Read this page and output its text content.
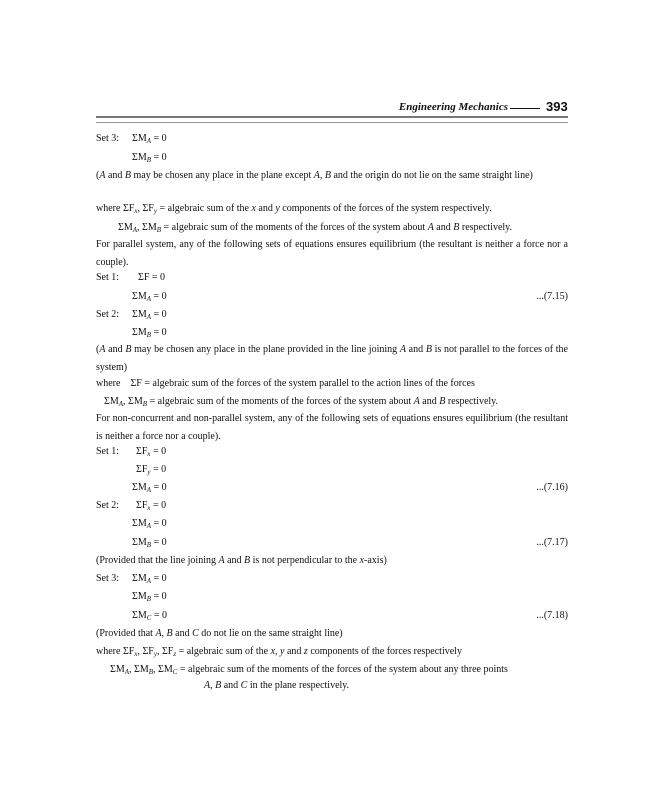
Engineering Mechanics	393
Set 3: $\Sigma M_A = 0$
$\Sigma M_B = 0$
(A and B may be chosen any place in the plane except A, B and the origin do not lie on the same straight line)
where $\Sigma F_x$, $\Sigma F_y$ = algebraic sum of the x and y components of the forces of the system respectively.
$\Sigma M_A$, $\Sigma M_B$ = algebraic sum of the moments of the forces of the system about A and B respectively.
For parallel system, any of the following sets of equations ensures equilibrium (the resultant is neither a force nor a couple).
Set 1: ΣF = 0
$\Sigma M_A = 0$	...(7.15)
Set 2: $\Sigma M_A = 0$
$\Sigma M_B = 0$
(A and B may be chosen any place in the plane provided in the line joining A and B is not parallel to the forces of the system)
where    ΣF = algebraic sum of the forces of the system parallel to the action lines of the forces
$\Sigma M_A$, $\Sigma M_B$ = algebraic sum of the moments of the forces of the system about A and B respectively.
For non-concurrent and non-parallel system, any of the following sets of equations ensures equilibrium (the resultant is neither a force nor a couple).
Set 1: $\Sigma F_x = 0$
$\Sigma F_y = 0$
$\Sigma M_A = 0$	...(7.16)
Set 2: $\Sigma F_x = 0$
$\Sigma M_A = 0$
$\Sigma M_B = 0$	...(7.17)
(Provided that the line joining A and B is not perpendicular to the x-axis)
Set 3: $\Sigma M_A = 0$
$\Sigma M_B = 0$
$\Sigma M_C = 0$	...(7.18)
(Provided that A, B and C do not lie on the same straight line)
where $\Sigma F_x$, $\Sigma F_y$, $\Sigma F_z$ = algebraic sum of the x, y and z components of the forces respectively
$\Sigma M_A$, $\Sigma M_B$, $\Sigma M_C$ = algebraic sum of the moments of the forces of the system about any three points
A, B and C in the plane respectively.
